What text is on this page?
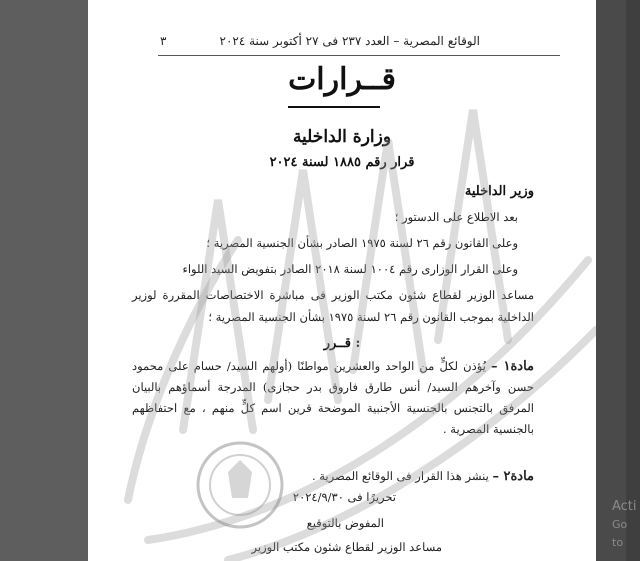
الوقائع المصرية – العدد ٢٣٧ فى ٢٧ أكتوبر سنة ٢٠٢٤
٣
قــرارات
وزارة الداخلية
قرار رقم ١٨٨٥ لسنة ٢٠٢٤
وزير الداخلية
بعد الاطلاع على الدستور ؛
وعلى القانون رقم ٢٦ لسنة ١٩٧٥ الصادر بشأن الجنسية المصرية ؛
وعلى القرار الوزارى رقم ١٠٠٤ لسنة ٢٠١٨ الصادر بتفويض السيد اللواء
مساعد الوزير لقطاع شئون مكتب الوزير فى مباشرة الاختصاصات المقررة لوزير الداخلية بموجب القانون رقم ٢٦ لسنة ١٩٧٥ بشأن الجنسية المصرية ؛
قــرر :
مادة١ – يُؤذن لكلٍّ من الواحد والعشرين مواطنًا (أولهم السيد/ حسام على محمود حسن وآخرهم السيد/ أنس طارق فاروق بدر حجازى) المدرجة أسماؤهم بالبيان المرفق بالتجنس بالجنسية الأجنبية الموضحة قرين اسم كلٍّ منهم ، مع احتفاظهم بالجنسية المصرية .
مادة٢ – ينشر هذا القرار فى الوقائع المصرية .
تحريرًا فى ٢٠٢٤/٩/٣٠
المفوض بالتوقيع
مساعد الوزير لقطاع شئون مكتب الوزير
Acti
Go to
